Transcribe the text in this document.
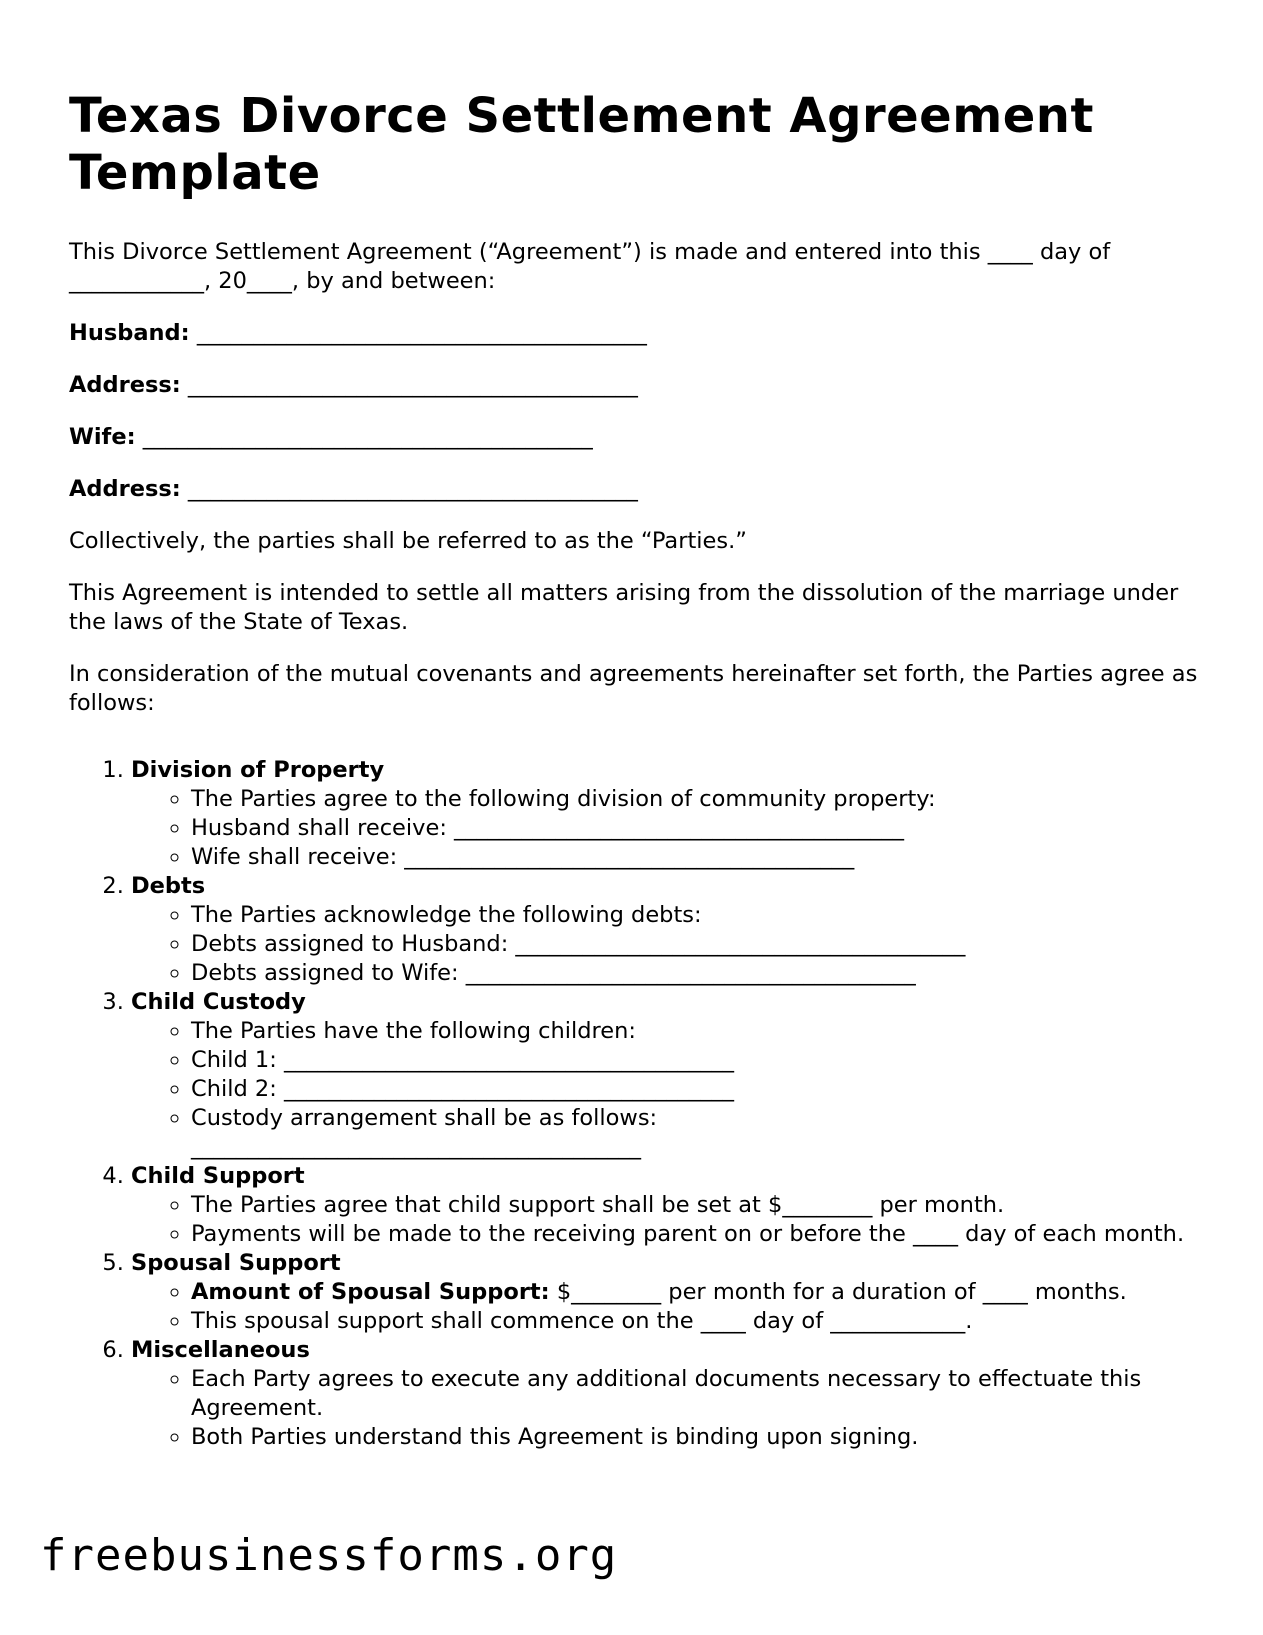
Texas Divorce Settlement Agreement Template

This Divorce Settlement Agreement (“Agreement”) is made and entered into this ____ day of ____________, 20____, by and between:

Husband: ________________________________________

Address: ________________________________________

Wife: ________________________________________

Address: ________________________________________

Collectively, the parties shall be referred to as the “Parties.”

This Agreement is intended to settle all matters arising from the dissolution of the marriage under the laws of the State of Texas.

In consideration of the mutual covenants and agreements hereinafter set forth, the Parties agree as follows:

1. Division of Property
◦ The Parties agree to the following division of community property:
◦ Husband shall receive: ________________________________________
◦ Wife shall receive: ________________________________________
2. Debts
◦ The Parties acknowledge the following debts:
◦ Debts assigned to Husband: ________________________________________
◦ Debts assigned to Wife: ________________________________________
3. Child Custody
◦ The Parties have the following children:
◦ Child 1: ________________________________________
◦ Child 2: ________________________________________
◦ Custody arrangement shall be as follows: ________________________________________
4. Child Support
◦ The Parties agree that child support shall be set at $________ per month.
◦ Payments will be made to the receiving parent on or before the ____ day of each month.
5. Spousal Support
◦ Amount of Spousal Support: $________ per month for a duration of ____ months.
◦ This spousal support shall commence on the ____ day of ____________.
6. Miscellaneous
◦ Each Party agrees to execute any additional documents necessary to effectuate this Agreement.
◦ Both Parties understand this Agreement is binding upon signing.
freebusinessforms.org
